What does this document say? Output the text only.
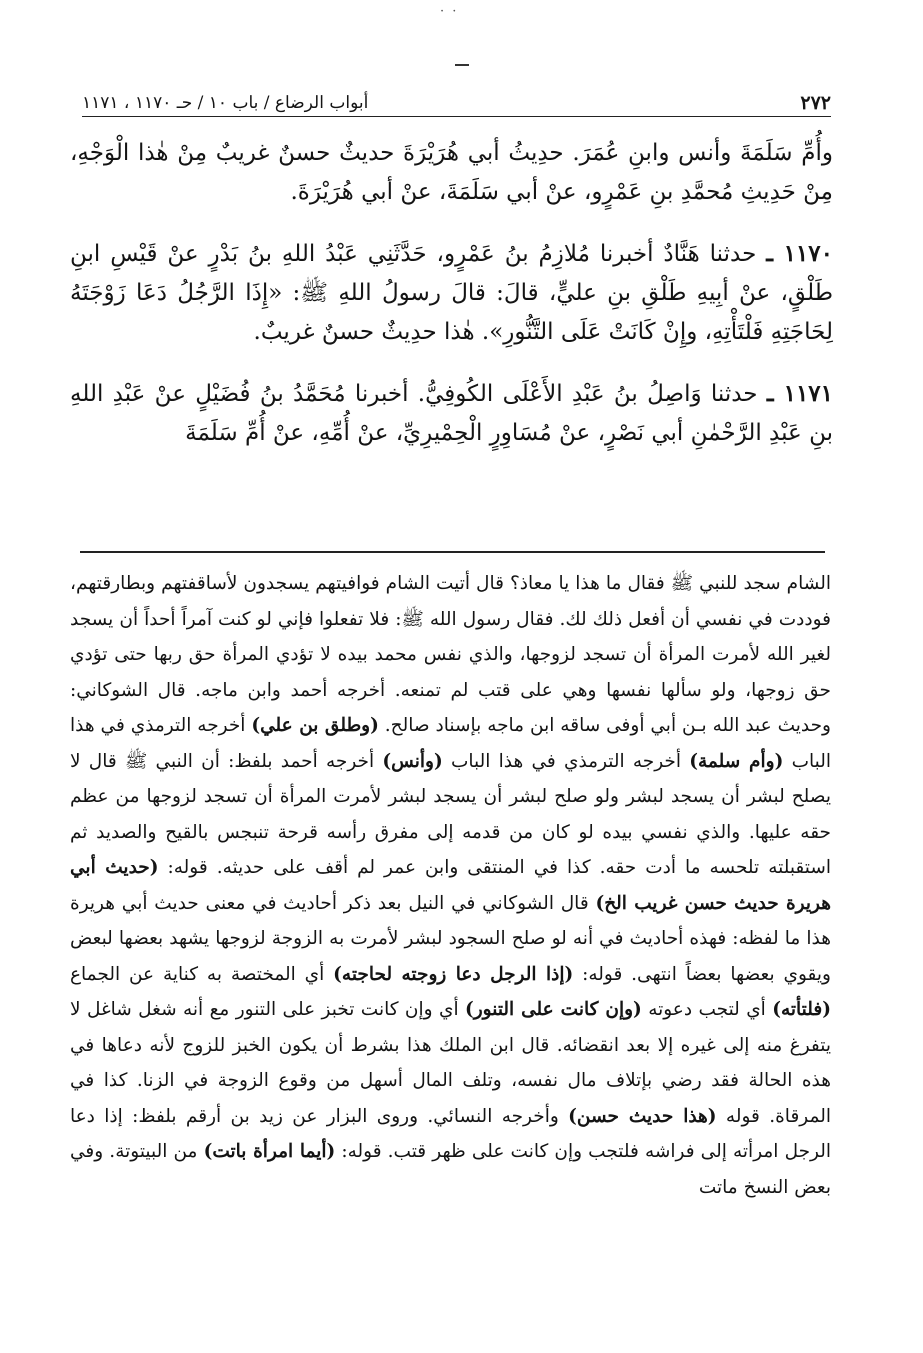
· ·
٢٧٢
أبواب الرضاع / باب ١٠ / حـ ١١٧٠ ، ١١٧١

وأُمِّ سَلَمَةَ وأنس وابنِ عُمَرَ. حدِيثُ أبي هُرَيْرَةَ حديثٌ حسنٌ غريبٌ مِنْ هٰذا الْوَجْهِ، مِنْ حَدِيثِ مُحمَّدِ بنِ عَمْرٍو، عنْ أبي سَلَمَةَ، عنْ أبي هُرَيْرَةَ.

١١٧٠ ـ حدثنا هَنَّادٌ أخبرنا مُلازِمُ بنُ عَمْرٍو، حَدَّثَنِي عَبْدُ اللهِ بنُ بَدْرٍ عنْ قَيْسِ ابنِ طَلْقٍ، عنْ أبِيهِ طَلْقِ بنِ عليٍّ، قالَ: قالَ رسولُ اللهِ ﷺ: «إِذَا الرَّجُلُ دَعَا زَوْجَتَهُ لِحَاجَتِهِ فَلْتَأْتِهِ، وإِنْ كَانَتْ عَلَى التَّنُّورِ». هٰذا حدِيثٌ حسنٌ غريبٌ.

١١٧١ ـ حدثنا وَاصِلُ بنُ عَبْدِ الأَعْلَى الكُوفِيُّ. أخبرنا مُحَمَّدُ بنُ فُضَيْلٍ عنْ عَبْدِ اللهِ بنِ عَبْدِ الرَّحْمٰنِ أبي نَصْرٍ، عنْ مُسَاوِرٍ الْحِمْيرِيِّ، عنْ أُمِّهِ، عنْ أُمِّ سَلَمَةَ

الشام سجد للنبي ﷺ فقال ما هذا يا معاذ؟ قال أتيت الشام فوافيتهم يسجدون لأساقفتهم وبطارقتهم، فوددت في نفسي أن أفعل ذلك لك. فقال رسول الله ﷺ: فلا تفعلوا فإني لو كنت آمراً أحداً أن يسجد لغير الله لأمرت المرأة أن تسجد لزوجها، والذي نفس محمد بيده لا تؤدي المرأة حق ربها حتى تؤدي حق زوجها، ولو سألها نفسها وهي على قتب لم تمنعه. أخرجه أحمد وابن ماجه. قال الشوكاني: وحديث عبد الله بـن أبي أوفى ساقه ابن ماجه بإسناد صالح. (وطلق بن علي) أخرجه الترمذي في هذا الباب (وأم سلمة) أخرجه الترمذي في هذا الباب (وأنس) أخرجه أحمد بلفظ: أن النبي ﷺ قال لا يصلح لبشر أن يسجد لبشر ولو صلح لبشر أن يسجد لبشر لأمرت المرأة أن تسجد لزوجها من عظم حقه عليها. والذي نفسي بيده لو كان من قدمه إلى مفرق رأسه قرحة تنبجس بالقيح والصديد ثم استقبلته تلحسه ما أدت حقه. كذا في المنتقى وابن عمر لم أقف على حديثه. قوله: (حديث أبي هريرة حديث حسن غريب الخ) قال الشوكاني في النيل بعد ذكر أحاديث في معنى حديث أبي هريرة هذا ما لفظه: فهذه أحاديث في أنه لو صلح السجود لبشر لأمرت به الزوجة لزوجها يشهد بعضها لبعض ويقوي بعضها بعضاً انتهى. قوله: (إذا الرجل دعا زوجته لحاجته) أي المختصة به كناية عن الجماع (فلتأته) أي لتجب دعوته (وإن كانت على التنور) أي وإن كانت تخبز على التنور مع أنه شغل شاغل لا يتفرغ منه إلى غيره إلا بعد انقضائه. قال ابن الملك هذا بشرط أن يكون الخبز للزوج لأنه دعاها في هذه الحالة فقد رضي بإتلاف مال نفسه، وتلف المال أسهل من وقوع الزوجة في الزنا. كذا في المرقاة. قوله (هذا حديث حسن) وأخرجه النسائي. وروى البزار عن زيد بن أرقم بلفظ: إذا دعا الرجل امرأته إلى فراشه فلتجب وإن كانت على ظهر قتب. قوله: (أيما امرأة باتت) من البيتوتة. وفي بعض النسخ ماتت
